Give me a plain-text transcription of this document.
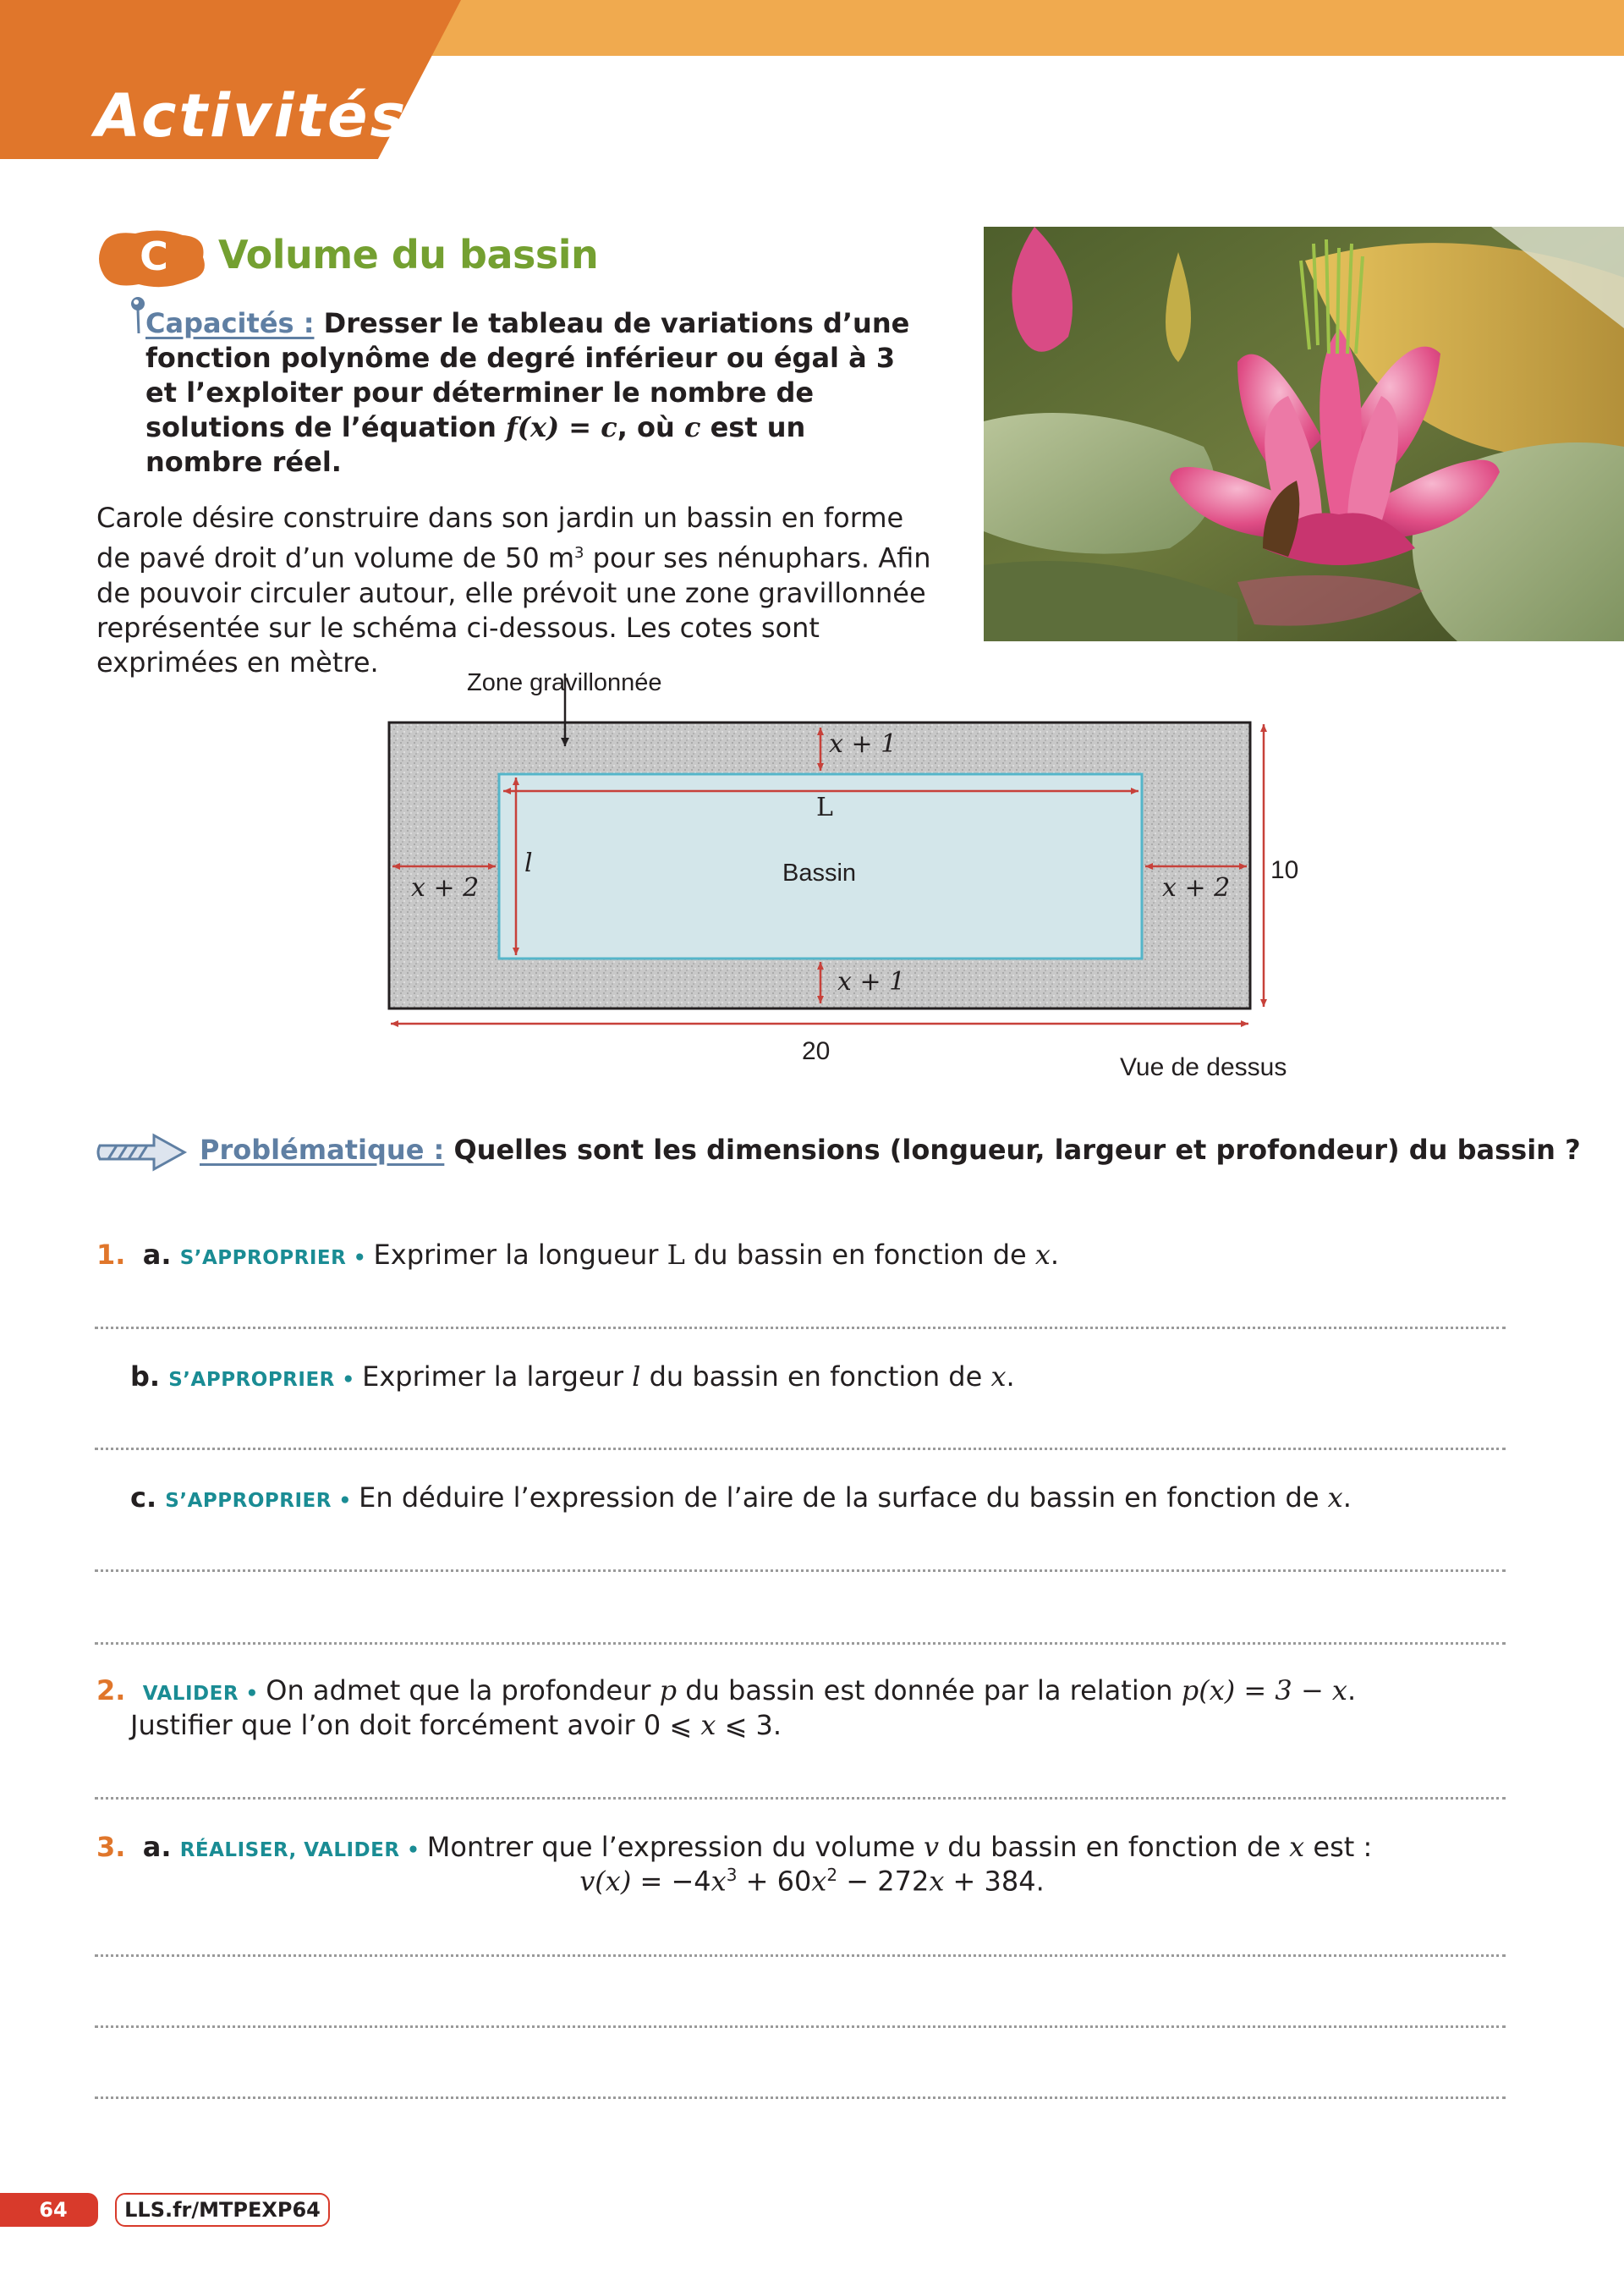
Activités
C Volume du bassin
Capacités : Dresser le tableau de variations d’une fonction polynôme de degré inférieur ou égal à 3 et l’exploiter pour déterminer le nombre de solutions de l’équation f(x) = c, où c est un nombre réel.
Carole désire construire dans son jardin un bassin en forme de pavé droit d’un volume de 50 $m^3$ pour ses nénuphars. Afin de pouvoir circuler autour, elle prévoit une zone gravillonnée représentée sur le schéma ci-dessous. Les cotes sont exprimées en mètre.
Zone gravillonnée
x + 1
L
l	Bassin
x + 2	x + 2
x + 1
10
20
Vue de dessus
Problématique : Quelles sont les dimensions (longueur, largeur et profondeur) du bassin ?
1. a. S’APPROPRIER • Exprimer la longueur L du bassin en fonction de x.
b. S’APPROPRIER • Exprimer la largeur l du bassin en fonction de x.
c. S’APPROPRIER • En déduire l’expression de l’aire de la surface du bassin en fonction de x.
2. VALIDER • On admet que la profondeur p du bassin est donnée par la relation p(x) = 3 − x.
Justifier que l’on doit forcément avoir 0 ⩽ x ⩽ 3.
3. a. RÉALISER, VALIDER • Montrer que l’expression du volume v du bassin en fonction de x est :
$v(x) = -4x^3 + 60x^2 - 272x + 384$.
64	LLS.fr/MTPEXP64
